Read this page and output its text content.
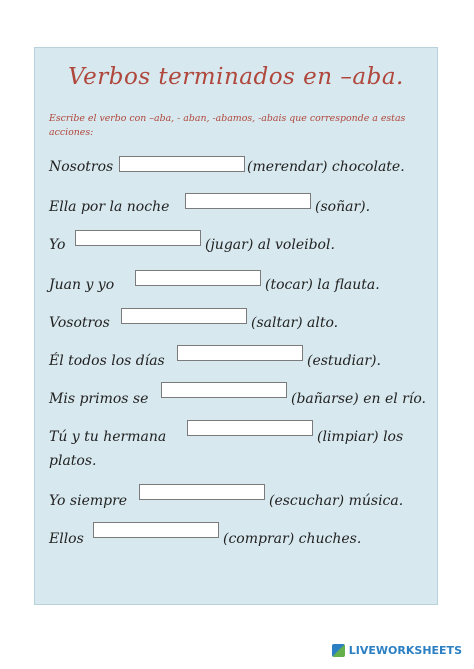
Verbos terminados en –aba.
Escribe el verbo con –aba, - aban, -abamos, -abais que corresponde a estas acciones:
Nosotros	(merendar) chocolate.
Ella por la noche	(soñar).
Yo	(jugar) al voleibol.
Juan y yo	(tocar) la flauta.
Vosotros	(saltar) alto.
Él todos los días	(estudiar).
Mis primos se	(bañarse) en el río.
Tú y tu hermana	(limpiar) los
platos.
Yo siempre	(escuchar) música.
Ellos	(comprar) chuches.
LIVEWORKSHEETS
